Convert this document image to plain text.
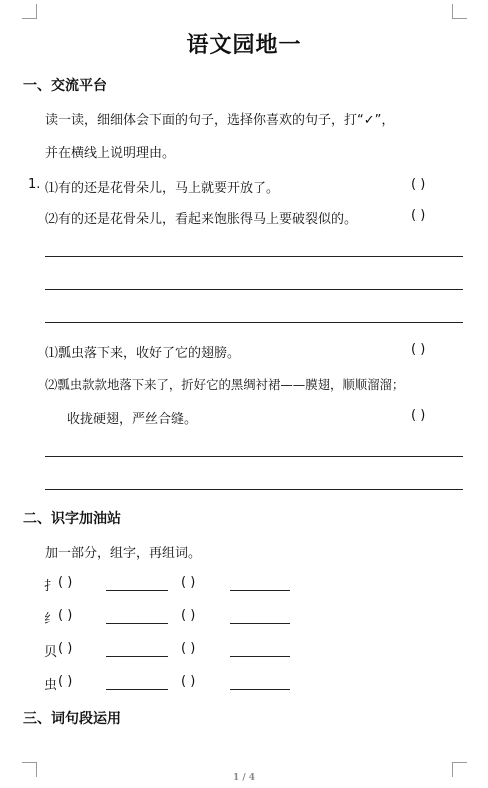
语文园地一
一、交流平台
读一读，细细体会下面的句子，选择你喜欢的句子，打“✓”，
并在横线上说明理由。
1. ⑴有的还是花骨朵儿，马上就要开放了。	( )
⑵有的还是花骨朵儿，看起来饱胀得马上要破裂似的。	( )
⑴瓢虫落下来，收好了它的翅膀。	( )
⑵瓢虫款款地落下来了，折好它的黑绸衬裙——膜翅，顺顺溜溜；
收拢硬翅，严丝合缝。	( )
二、识字加油站
加一部分，组字，再组词。
扌 ( )	( )
纟 ( )	( )
贝 ( )	( )
虫 ( )	( )
三、词句段运用
1 / 4
